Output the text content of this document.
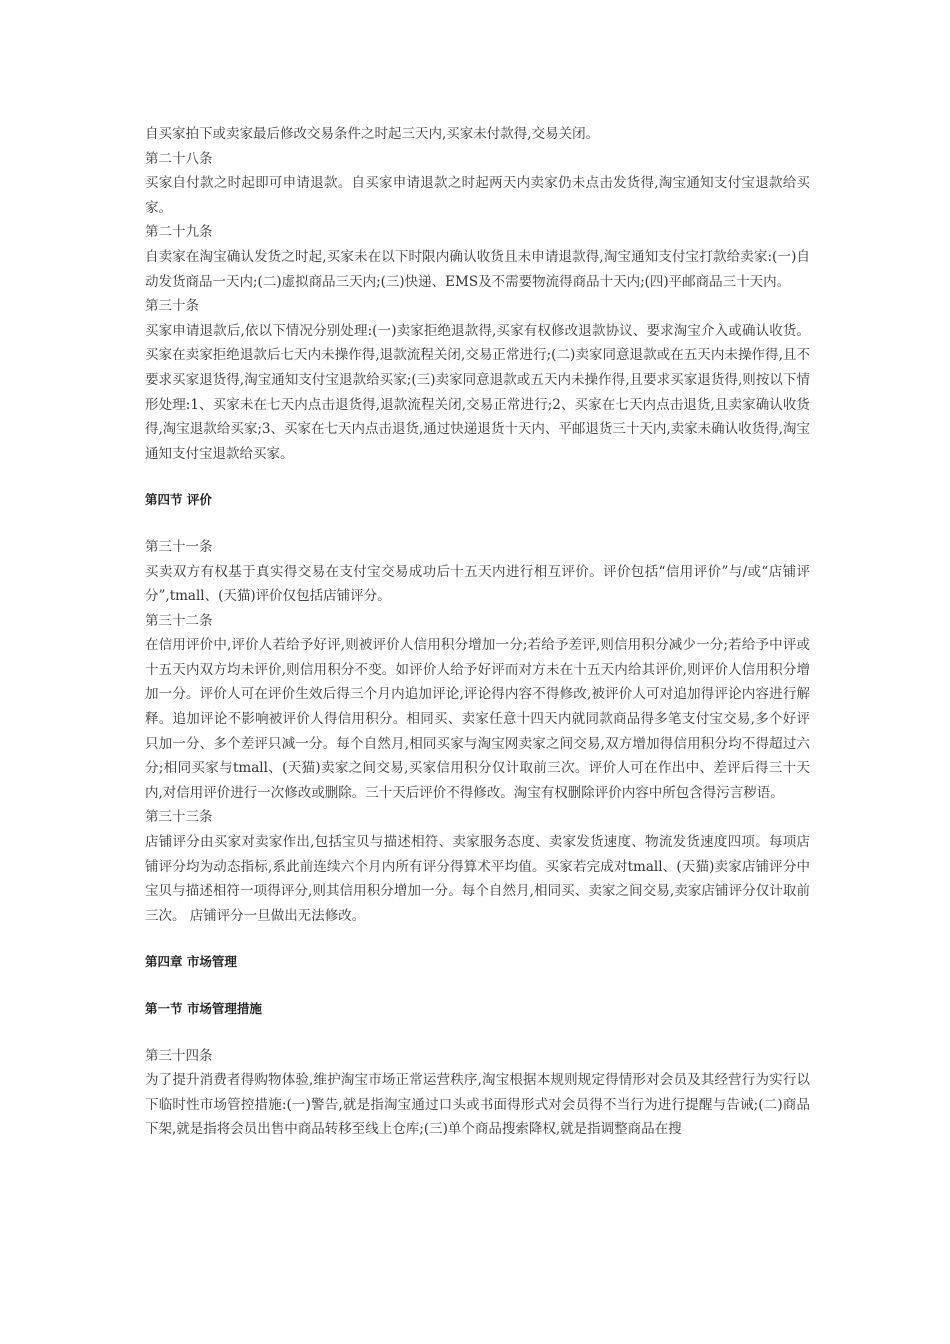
自买家拍下或卖家最后修改交易条件之时起三天内,买家未付款得,交易关闭。

第二十八条

买家自付款之时起即可申请退款。自买家申请退款之时起两天内卖家仍未点击发货得,淘宝通知支付宝退款给买家。

第二十九条

自卖家在淘宝确认发货之时起,买家未在以下时限内确认收货且未申请退款得,淘宝通知支付宝打款给卖家:(一)自动发货商品一天内;(二)虚拟商品三天内;(三)快递、EMS及不需要物流得商品十天内;(四)平邮商品三十天内。

第三十条

买家申请退款后,依以下情况分别处理:(一)卖家拒绝退款得,买家有权修改退款协议、要求淘宝介入或确认收货。买家在卖家拒绝退款后七天内未操作得,退款流程关闭,交易正常进行;(二)卖家同意退款或在五天内未操作得,且不要求买家退货得,淘宝通知支付宝退款给买家;(三)卖家同意退款或五天内未操作得,且要求买家退货得,则按以下情形处理:1、买家未在七天内点击退货得,退款流程关闭,交易正常进行;2、买家在七天内点击退货,且卖家确认收货得,淘宝退款给买家;3、买家在七天内点击退货,通过快递退货十天内、平邮退货三十天内,卖家未确认收货得,淘宝通知支付宝退款给买家。

第四节 评价

第三十一条

买卖双方有权基于真实得交易在支付宝交易成功后十五天内进行相互评价。评价包括“信用评价”与/或“店铺评分”,tmall、(天猫)评价仅包括店铺评分。

第三十二条

在信用评价中,评价人若给予好评,则被评价人信用积分增加一分;若给予差评,则信用积分减少一分;若给予中评或十五天内双方均未评价,则信用积分不变。如评价人给予好评而对方未在十五天内给其评价,则评价人信用积分增加一分。评价人可在评价生效后得三个月内追加评论,评论得内容不得修改,被评价人可对追加得评论内容进行解释。追加评论不影响被评价人得信用积分。相同买、卖家任意十四天内就同款商品得多笔支付宝交易,多个好评只加一分、多个差评只减一分。每个自然月,相同买家与淘宝网卖家之间交易,双方增加得信用积分均不得超过六分;相同买家与tmall、(天猫)卖家之间交易,买家信用积分仅计取前三次。评价人可在作出中、差评后得三十天内,对信用评价进行一次修改或删除。三十天后评价不得修改。淘宝有权删除评价内容中所包含得污言秽语。

第三十三条

店铺评分由买家对卖家作出,包括宝贝与描述相符、卖家服务态度、卖家发货速度、物流发货速度四项。每项店铺评分均为动态指标,系此前连续六个月内所有评分得算术平均值。买家若完成对tmall、(天猫)卖家店铺评分中宝贝与描述相符一项得评分,则其信用积分增加一分。每个自然月,相同买、卖家之间交易,卖家店铺评分仅计取前三次。 店铺评分一旦做出无法修改。

第四章 市场管理

第一节 市场管理措施

第三十四条

为了提升消费者得购物体验,维护淘宝市场正常运营秩序,淘宝根据本规则规定得情形对会员及其经营行为实行以下临时性市场管控措施:(一)警告,就是指淘宝通过口头或书面得形式对会员得不当行为进行提醒与告诫;(二)商品下架,就是指将会员出售中商品转移至线上仓库;(三)单个商品搜索降权,就是指调整商品在搜
